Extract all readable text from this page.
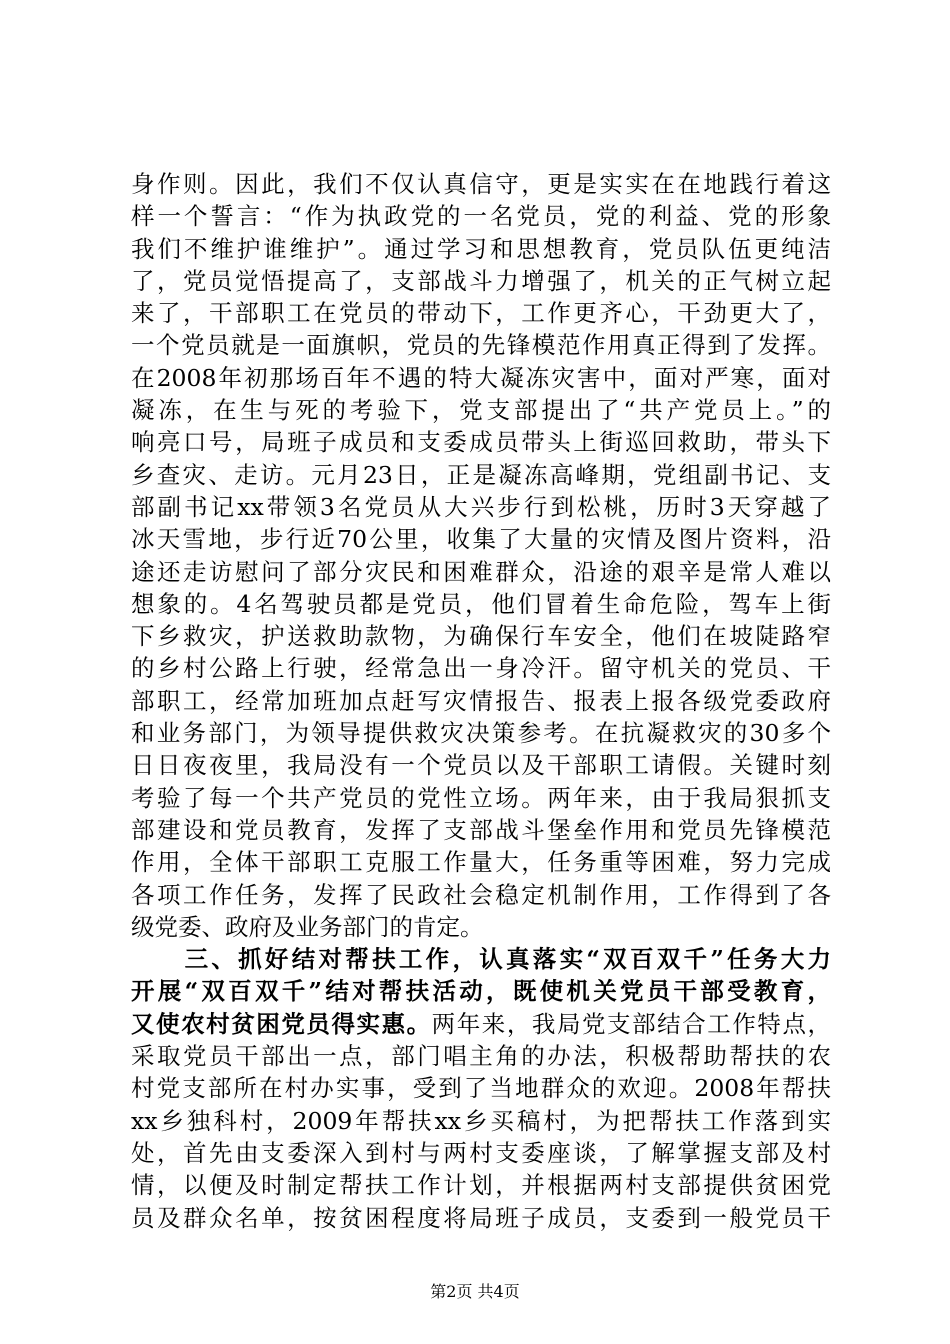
身作则。因此，我们不仅认真信守，更是实实在在地践行着这
样一个誓言：“作为执政党的一名党员，党的利益、党的形象
我们不维护谁维护”。通过学习和思想教育，党员队伍更纯洁
了，党员觉悟提高了，支部战斗力增强了，机关的正气树立起
来了，干部职工在党员的带动下，工作更齐心，干劲更大了，
一个党员就是一面旗帜，党员的先锋模范作用真正得到了发挥。
在2008年初那场百年不遇的特大凝冻灾害中，面对严寒，面对
凝冻，在生与死的考验下，党支部提出了“共产党员上。”的
响亮口号，局班子成员和支委成员带头上街巡回救助，带头下
乡查灾、走访。元月23日，正是凝冻高峰期，党组副书记、支
部副书记xx带领3名党员从大兴步行到松桃，历时3天穿越了
冰天雪地，步行近70公里，收集了大量的灾情及图片资料，沿
途还走访慰问了部分灾民和困难群众，沿途的艰辛是常人难以
想象的。4名驾驶员都是党员，他们冒着生命危险，驾车上街
下乡救灾，护送救助款物，为确保行车安全，他们在坡陡路窄
的乡村公路上行驶，经常急出一身冷汗。留守机关的党员、干
部职工，经常加班加点赶写灾情报告、报表上报各级党委政府
和业务部门，为领导提供救灾决策参考。在抗凝救灾的30多个
日日夜夜里，我局没有一个党员以及干部职工请假。关键时刻
考验了每一个共产党员的党性立场。两年来，由于我局狠抓支
部建设和党员教育，发挥了支部战斗堡垒作用和党员先锋模范
作用，全体干部职工克服工作量大，任务重等困难，努力完成
各项工作任务，发挥了民政社会稳定机制作用，工作得到了各
级党委、政府及业务部门的肯定。
　　三、抓好结对帮扶工作，认真落实“双百双千”任务大力
开展“双百双千”结对帮扶活动，既使机关党员干部受教育，
又使农村贫困党员得实惠。两年来，我局党支部结合工作特点，
采取党员干部出一点，部门唱主角的办法，积极帮助帮扶的农
村党支部所在村办实事，受到了当地群众的欢迎。2008年帮扶
xx乡独科村，2009年帮扶xx乡买稿村，为把帮扶工作落到实
处，首先由支委深入到村与两村支委座谈，了解掌握支部及村
情，以便及时制定帮扶工作计划，并根据两村支部提供贫困党
员及群众名单，按贫困程度将局班子成员，支委到一般党员干
第2页 共4页
